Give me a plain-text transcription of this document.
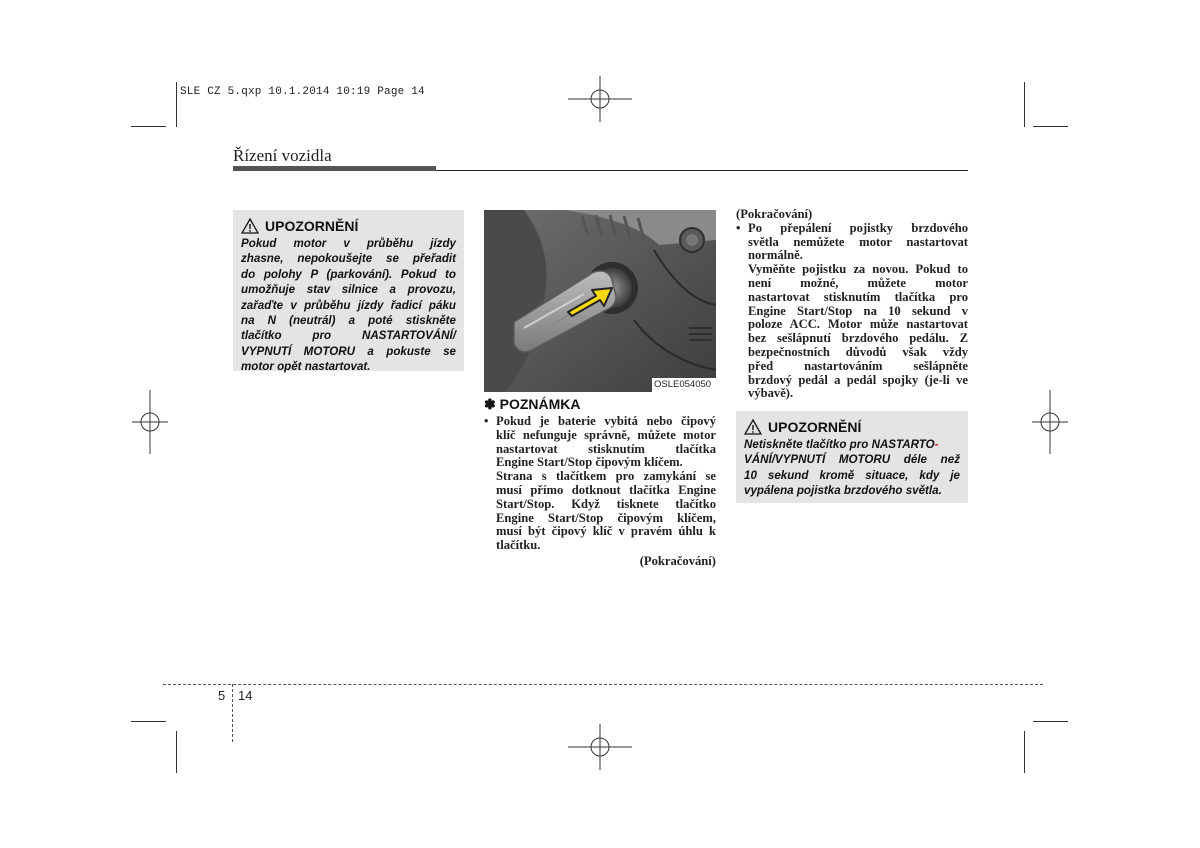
SLE CZ 5.qxp 10.1.2014 10:19 Page 14
Řízení vozidla
UPOZORNĚNÍ
Pokud motor v průběhu jízdy
zhasne, nepokoušejte se přeřadit
do polohy P (parkování). Pokud to
umožňuje stav silnice a provozu,
zařaďte v průběhu jízdy řadicí páku
na N (neutrál) a poté stiskněte
tlačítko pro NASTARTOVÁNÍ/
VYPNUTÍ MOTORU a pokuste se
motor opět nastartovat.
OSLE054050
✽ POZNÁMKA
• Pokud je baterie vybitá nebo čipový
klíč nefunguje správně, můžete motor
nastartovat stisknutím tlačítka
Engine Start/Stop čipovým klíčem.
Strana s tlačítkem pro zamykání se
musí přímo dotknout tlačítka Engine
Start/Stop. Když tisknete tlačítko
Engine Start/Stop čipovým klíčem,
musí být čipový klíč v pravém úhlu k
tlačítku.
(Pokračování)
(Pokračování)
• Po přepálení pojistky brzdového
světla nemůžete motor nastartovat
normálně.
Vyměňte pojistku za novou. Pokud to
není možné, můžete motor
nastartovat stisknutím tlačítka pro
Engine Start/Stop na 10 sekund v
poloze ACC. Motor může nastartovat
bez sešlápnutí brzdového pedálu. Z
bezpečnostních důvodů však vždy
před nastartováním sešlápněte
brzdový pedál a pedál spojky (je-li ve
výbavě).
UPOZORNĚNÍ
Netiskněte tlačítko pro NASTARTO-
VÁNÍ/VYPNUTÍ MOTORU déle než
10 sekund kromě situace, kdy je
vypálena pojistka brzdového světla.
5 14
